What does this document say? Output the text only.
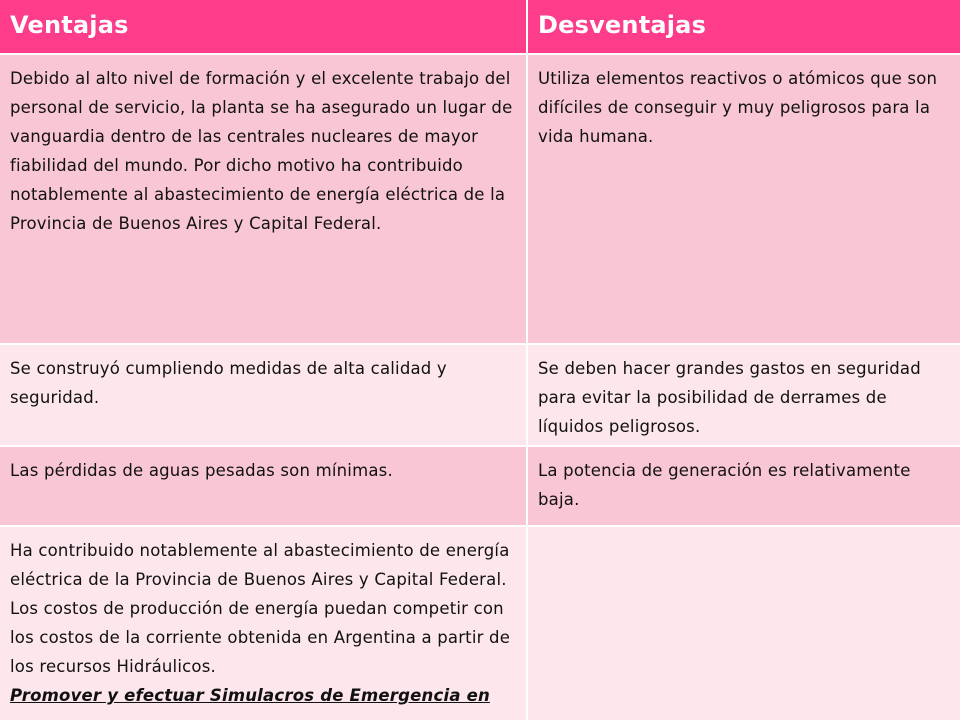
Ventajas	Desventajas

Debido al alto nivel de formación y el excelente trabajo del personal de servicio, la planta se ha asegurado un lugar de vanguardia dentro de las centrales nucleares de mayor fiabilidad del mundo. Por dicho motivo ha contribuido notablemente al abastecimiento de energía eléctrica de la Provincia de Buenos Aires y Capital Federal.

Utiliza elementos reactivos o atómicos que son difíciles de conseguir y muy peligrosos para la vida humana.

Se construyó cumpliendo medidas de alta calidad y seguridad.

Se deben hacer grandes gastos en seguridad para evitar la posibilidad de derrames de líquidos peligrosos.

Las pérdidas de aguas pesadas son mínimas.	La potencia de generación es relativamente baja.

Ha contribuido notablemente al abastecimiento de energía eléctrica de la Provincia de Buenos Aires y Capital Federal.

Los costos de producción de energía puedan competir con los costos de la corriente obtenida en Argentina a partir de los recursos Hidráulicos.

Promover y efectuar Simulacros de Emergencia en
